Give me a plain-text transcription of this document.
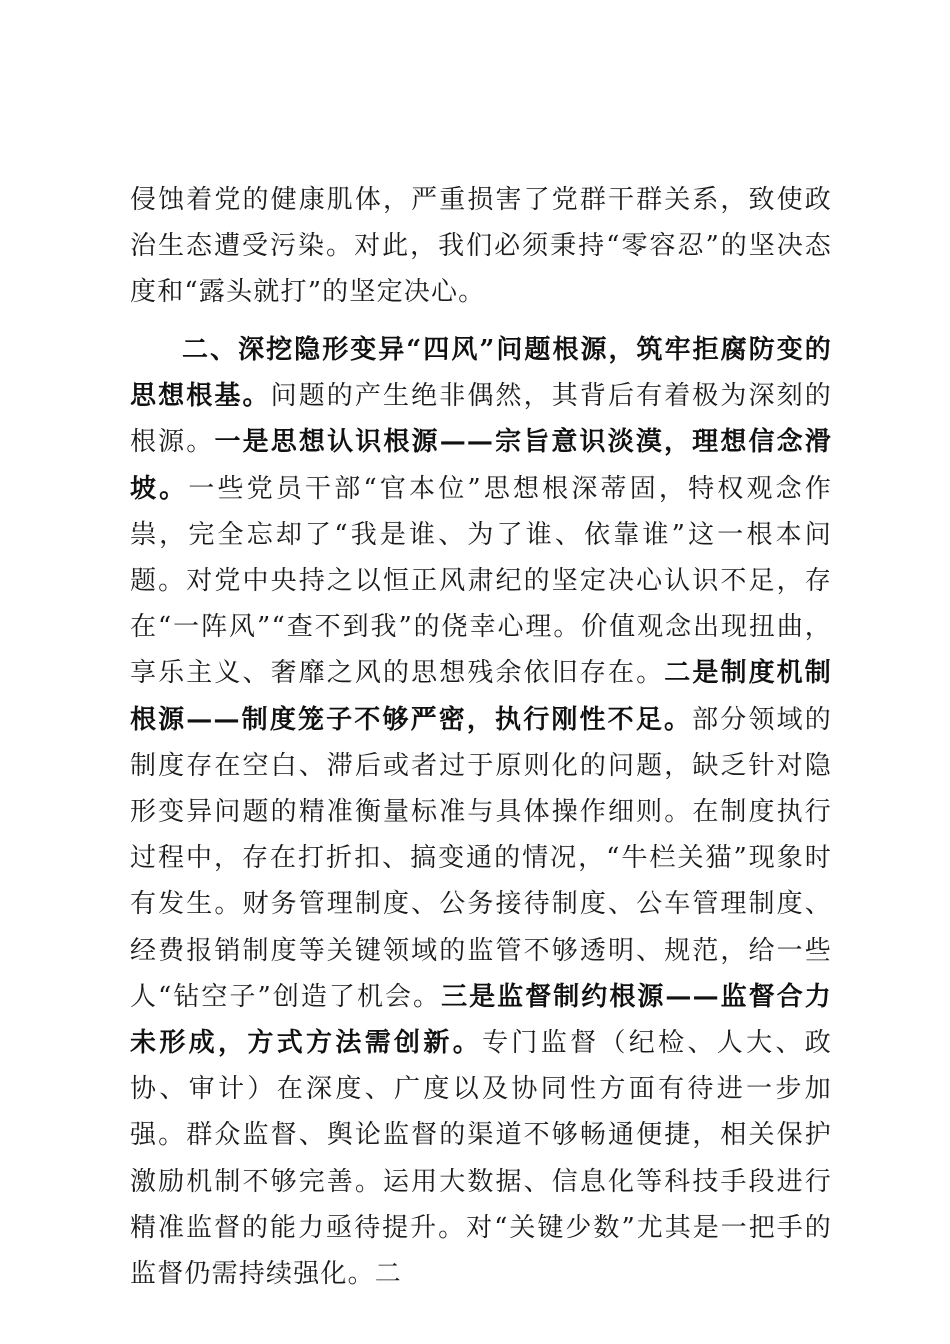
侵蚀着党的健康肌体，严重损害了党群干群关系，致使政治生态遭受污染。对此，我们必须秉持“零容忍”的坚决态度和“露头就打”的坚定决心。

二、深挖隐形变异“四风”问题根源，筑牢拒腐防变的思想根基。问题的产生绝非偶然，其背后有着极为深刻的根源。一是思想认识根源——宗旨意识淡漠，理想信念滑坡。一些党员干部“官本位”思想根深蒂固，特权观念作祟，完全忘却了“我是谁、为了谁、依靠谁”这一根本问题。对党中央持之以恒正风肃纪的坚定决心认识不足，存在“一阵风”“查不到我”的侥幸心理。价值观念出现扭曲，享乐主义、奢靡之风的思想残余依旧存在。二是制度机制根源——制度笼子不够严密，执行刚性不足。部分领域的制度存在空白、滞后或者过于原则化的问题，缺乏针对隐形变异问题的精准衡量标准与具体操作细则。在制度执行过程中，存在打折扣、搞变通的情况，“牛栏关猫”现象时有发生。财务管理制度、公务接待制度、公车管理制度、经费报销制度等关键领域的监管不够透明、规范，给一些人“钻空子”创造了机会。三是监督制约根源——监督合力未形成，方式方法需创新。专门监督（纪检、人大、政协、审计）在深度、广度以及协同性方面有待进一步加强。群众监督、舆论监督的渠道不够畅通便捷，相关保护激励机制不够完善。运用大数据、信息化等科技手段进行精准监督的能力亟待提升。对“关键少数”尤其是一把手的监督仍需持续强化。二
